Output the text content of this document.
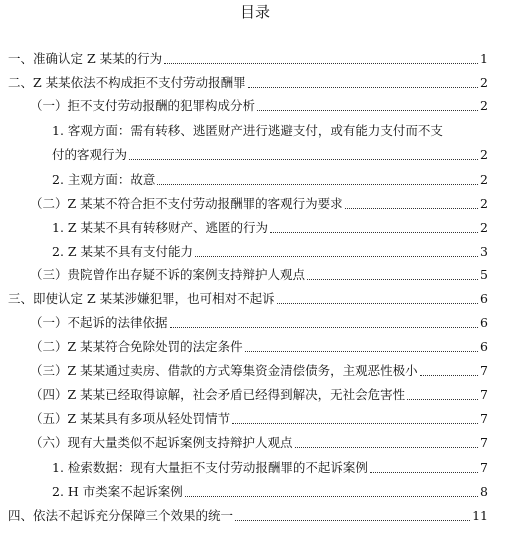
目录
一、准确认定 Z 某某的行为	1
二、Z 某某依法不构成拒不支付劳动报酬罪	2
（一）拒不支付劳动报酬的犯罪构成分析	2
1. 客观方面：需有转移、逃匿财产进行逃避支付，或有能力支付而不支
付的客观行为	2
2. 主观方面：故意	2
（二）Z 某某不符合拒不支付劳动报酬罪的客观行为要求	2
1. Z 某某不具有转移财产、逃匿的行为	2
2. Z 某某不具有支付能力	3
（三）贵院曾作出存疑不诉的案例支持辩护人观点	5
三、即使认定 Z 某某涉嫌犯罪，也可相对不起诉	6
（一）不起诉的法律依据	6
（二）Z 某某符合免除处罚的法定条件	6
（三）Z 某某通过卖房、借款的方式筹集资金清偿债务，主观恶性极小	7
（四）Z 某某已经取得谅解，社会矛盾已经得到解决，无社会危害性	7
（五）Z 某某具有多项从轻处罚情节	7
（六）现有大量类似不起诉案例支持辩护人观点	7
1. 检索数据：现有大量拒不支付劳动报酬罪的不起诉案例	7
2. H 市类案不起诉案例	8
四、依法不起诉充分保障三个效果的统一	11
